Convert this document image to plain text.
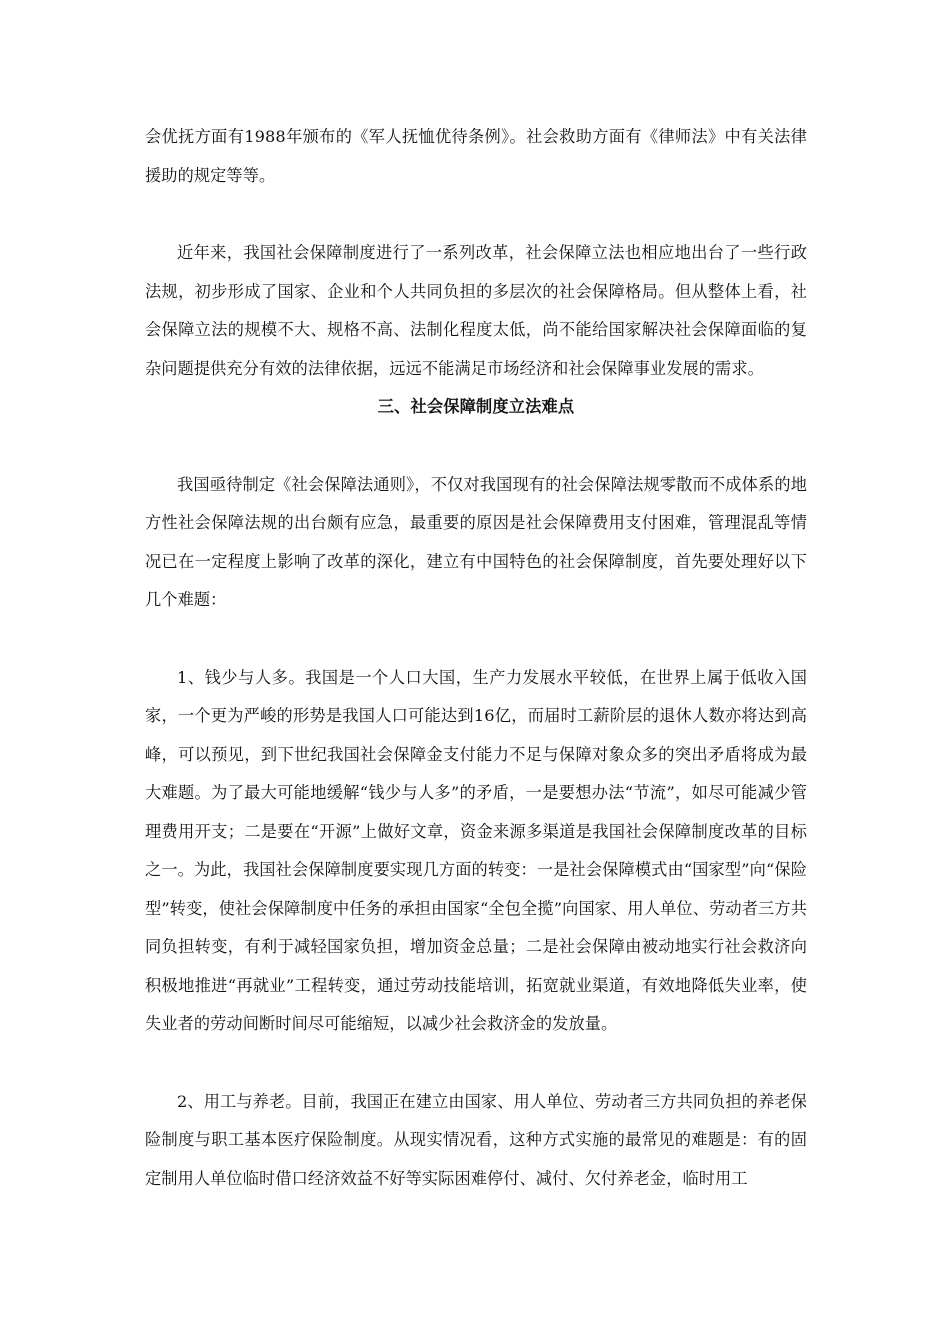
会优抚方面有1988年颁布的《军人抚恤优待条例》。社会救助方面有《律师法》中有关法律援助的规定等等。

近年来，我国社会保障制度进行了一系列改革，社会保障立法也相应地出台了一些行政法规，初步形成了国家、企业和个人共同负担的多层次的社会保障格局。但从整体上看，社会保障立法的规模不大、规格不高、法制化程度太低，尚不能给国家解决社会保障面临的复杂问题提供充分有效的法律依据，远远不能满足市场经济和社会保障事业发展的需求。

三、社会保障制度立法难点

我国亟待制定《社会保障法通则》，不仅对我国现有的社会保障法规零散而不成体系的地方性社会保障法规的出台颇有应急，最重要的原因是社会保障费用支付困难，管理混乱等情况已在一定程度上影响了改革的深化，建立有中国特色的社会保障制度，首先要处理好以下几个难题：

1、钱少与人多。我国是一个人口大国，生产力发展水平较低，在世界上属于低收入国家，一个更为严峻的形势是我国人口可能达到16亿，而届时工薪阶层的退休人数亦将达到高峰，可以预见，到下世纪我国社会保障金支付能力不足与保障对象众多的突出矛盾将成为最大难题。为了最大可能地缓解“钱少与人多”的矛盾，一是要想办法“节流”，如尽可能减少管理费用开支；二是要在“开源”上做好文章，资金来源多渠道是我国社会保障制度改革的目标之一。为此，我国社会保障制度要实现几方面的转变：一是社会保障模式由“国家型”向“保险型”转变，使社会保障制度中任务的承担由国家“全包全揽”向国家、用人单位、劳动者三方共同负担转变，有利于减轻国家负担，增加资金总量；二是社会保障由被动地实行社会救济向积极地推进“再就业”工程转变，通过劳动技能培训，拓宽就业渠道，有效地降低失业率，使失业者的劳动间断时间尽可能缩短，以减少社会救济金的发放量。

2、用工与养老。目前，我国正在建立由国家、用人单位、劳动者三方共同负担的养老保险制度与职工基本医疗保险制度。从现实情况看，这种方式实施的最常见的难题是：有的固定制用人单位临时借口经济效益不好等实际困难停付、减付、欠付养老金，临时用工
